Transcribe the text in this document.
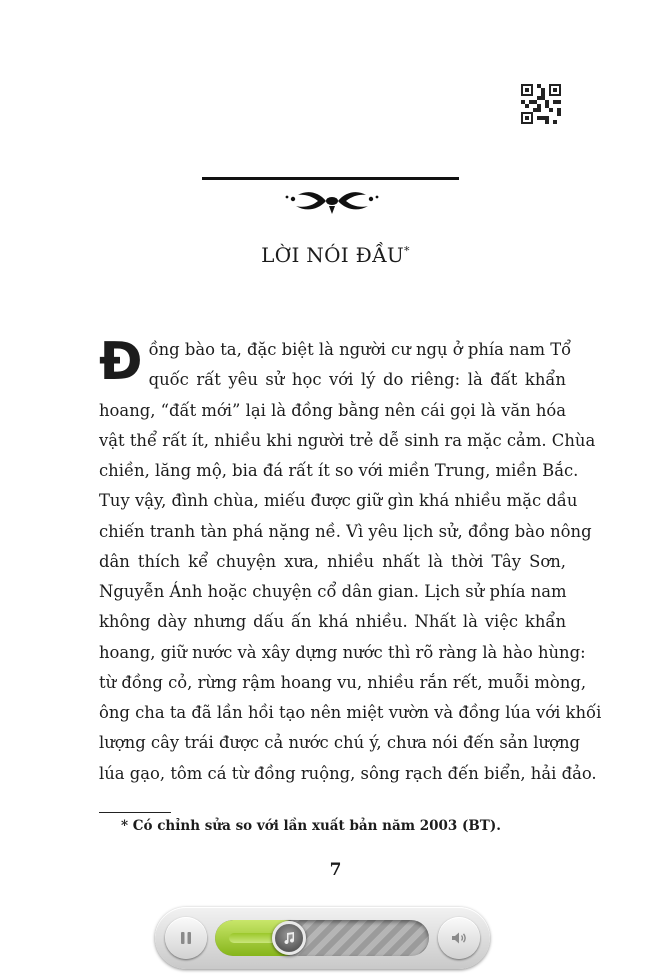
LỜI NÓI ĐẦU*
Đ ồng bào ta, đặc biệt là người cư ngụ ở phía nam Tổ
quốc rất yêu sử học với lý do riêng: là đất khẩn
hoang, “đất mới” lại là đồng bằng nên cái gọi là văn hóa
vật thể rất ít, nhiều khi người trẻ dễ sinh ra mặc cảm. Chùa
chiền, lăng mộ, bia đá rất ít so với miền Trung, miền Bắc.
Tuy vậy, đình chùa, miếu được giữ gìn khá nhiều mặc dầu
chiến tranh tàn phá nặng nề. Vì yêu lịch sử, đồng bào nông
dân thích kể chuyện xưa, nhiều nhất là thời Tây Sơn,
Nguyễn Ánh hoặc chuyện cổ dân gian. Lịch sử phía nam
không dày nhưng dấu ấn khá nhiều. Nhất là việc khẩn
hoang, giữ nước và xây dựng nước thì rõ ràng là hào hùng:
từ đồng cỏ, rừng rậm hoang vu, nhiều rắn rết, muỗi mòng,
ông cha ta đã lần hồi tạo nên miệt vườn và đồng lúa với khối
lượng cây trái được cả nước chú ý, chưa nói đến sản lượng
lúa gạo, tôm cá từ đồng ruộng, sông rạch đến biển, hải đảo.
* Có chỉnh sửa so với lần xuất bản năm 2003 (BT).
7
